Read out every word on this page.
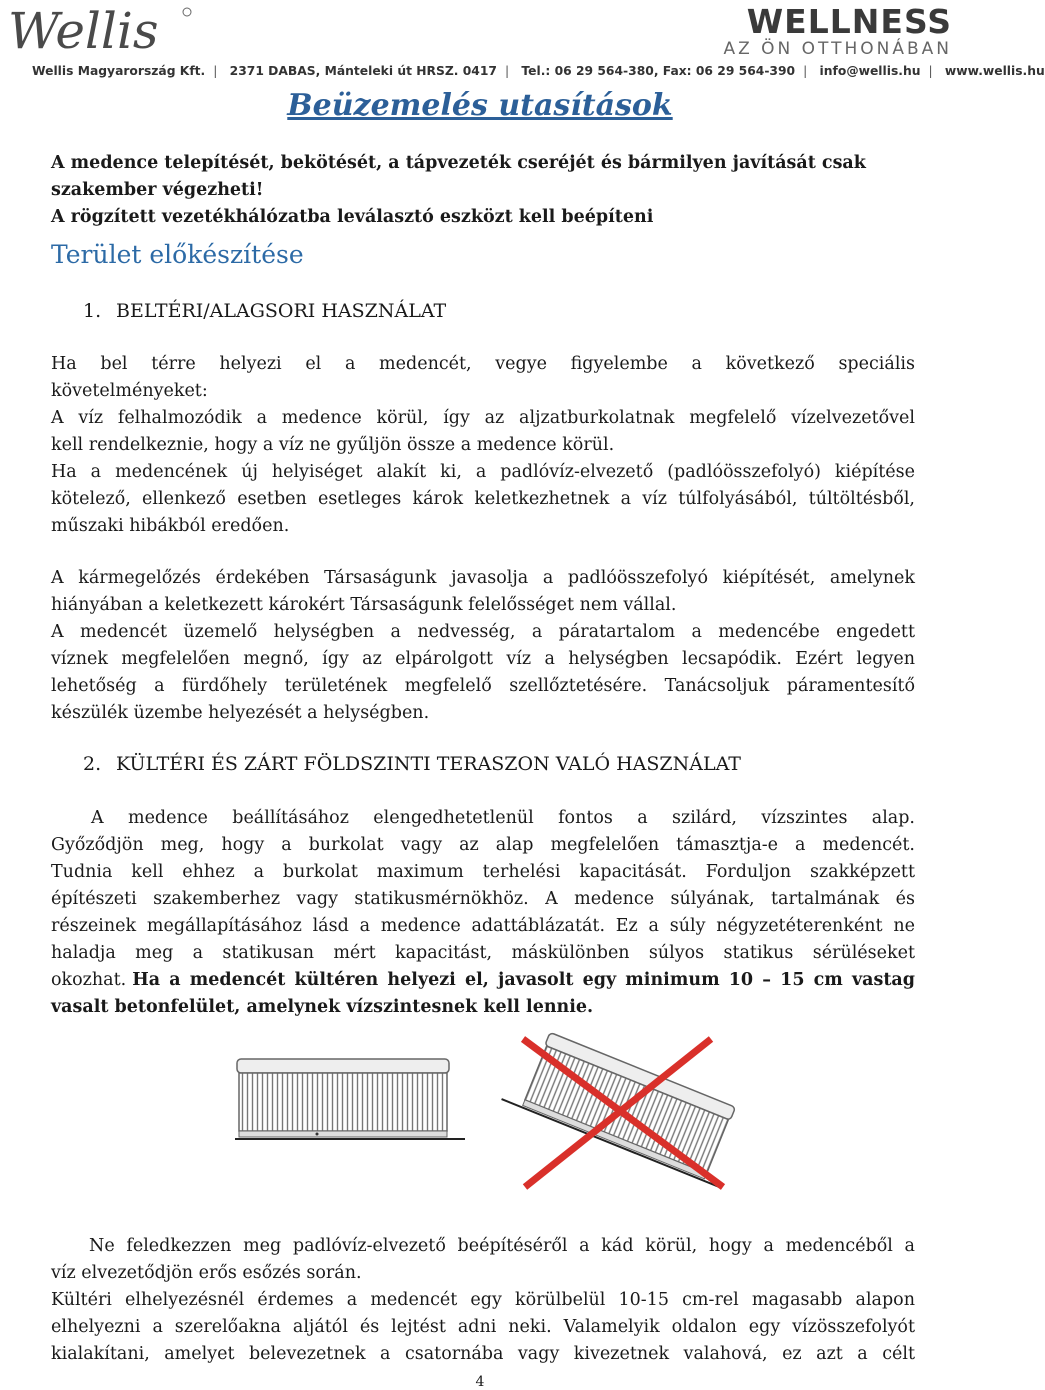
Wellis	WELLNESS
AZ ÖN OTTHONÁBAN
Wellis Magyarország Kft. | 2371 DABAS, Mánteleki út HRSZ. 0417 | Tel.: 06 29 564-380, Fax: 06 29 564-390 | info@wellis.hu | www.wellis.hu
Beüzemelés utasítások
A medence telepítését, bekötését, a tápvezeték cseréjét és bármilyen javítását csak
szakember végezheti!
A rögzített vezetékhálózatba leválasztó eszközt kell beépíteni
Terület előkészítése
1. BELTÉRI/ALAGSORI HASZNÁLAT
Ha bel térre helyezi el a medencét, vegye figyelembe a következő speciális
követelményeket:
A víz felhalmozódik a medence körül, így az aljzatburkolatnak megfelelő vízelvezetővel
kell rendelkeznie, hogy a víz ne gyűljön össze a medence körül.
Ha a medencének új helyiséget alakít ki, a padlóvíz-elvezető (padlóösszefolyó) kiépítése
kötelező, ellenkező esetben esetleges károk keletkezhetnek a víz túlfolyásából, túltöltésből,
műszaki hibákból eredően.
A kármegelőzés érdekében Társaságunk javasolja a padlóösszefolyó kiépítését, amelynek
hiányában a keletkezett károkért Társaságunk felelősséget nem vállal.
A medencét üzemelő helységben a nedvesség, a páratartalom a medencébe engedett
víznek megfelelően megnő, így az elpárolgott víz a helységben lecsapódik. Ezért legyen
lehetőség a fürdőhely területének megfelelő szellőztetésére. Tanácsoljuk páramentesítő
készülék üzembe helyezését a helységben.
2. KÜLTÉRI ÉS ZÁRT FÖLDSZINTI TERASZON VALÓ HASZNÁLAT
A medence beállításához elengedhetetlenül fontos a szilárd, vízszintes alap.
Győződjön meg, hogy a burkolat vagy az alap megfelelően támasztja-e a medencét.
Tudnia kell ehhez a burkolat maximum terhelési kapacitását. Forduljon szakképzett
építészeti szakemberhez vagy statikusmérnökhöz. A medence súlyának, tartalmának és
részeinek megállapításához lásd a medence adattáblázatát. Ez a súly négyzetéterenként ne
haladja meg a statikusan mért kapacitást, máskülönben súlyos statikus sérüléseket
okozhat. Ha a medencét kültéren helyezi el, javasolt egy minimum 10 – 15 cm vastag
vasalt betonfelület, amelynek vízszintesnek kell lennie.
Ne feledkezzen meg padlóvíz-elvezető beépítéséről a kád körül, hogy a medencéből a
víz elvezetődjön erős esőzés során.
Kültéri elhelyezésnél érdemes a medencét egy körülbelül 10-15 cm-rel magasabb alapon
elhelyezni a szerelőakna aljától és lejtést adni neki. Valamelyik oldalon egy vízösszefolyót
kialakítani, amelyet belevezetnek a csatornába vagy kivezetnek valahová, ez azt a célt
4
